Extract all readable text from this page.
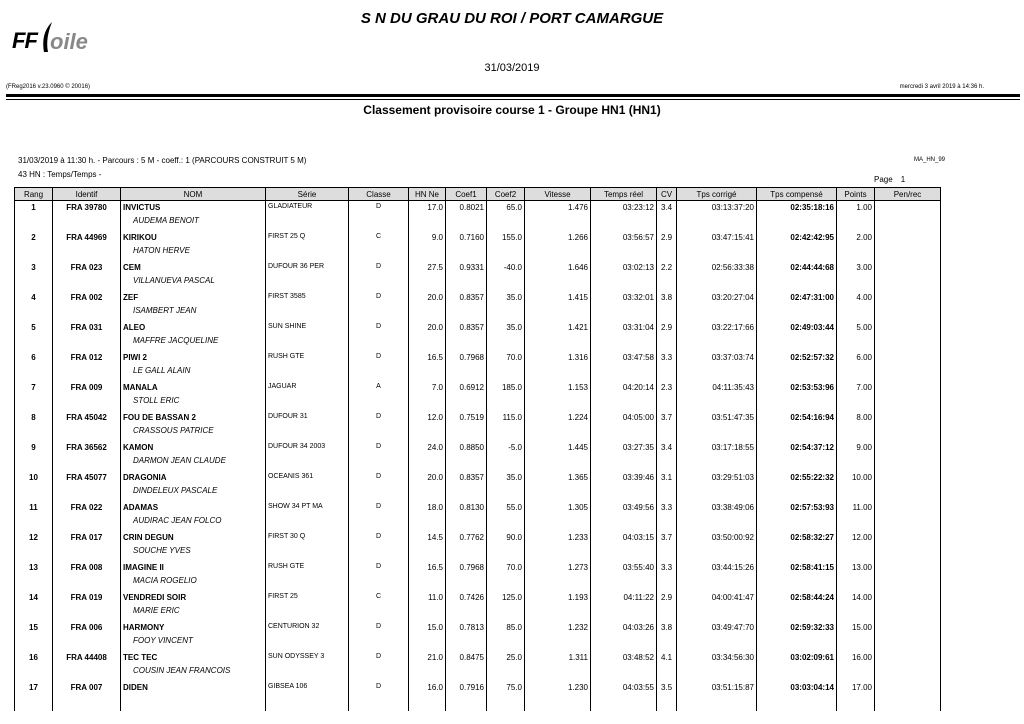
FF oile
S N DU GRAU DU ROI / PORT CAMARGUE
31/03/2019
(FReg2016 v.23.0960 © 20016)	mercredi 3 avril 2019 à 14:36 h.
Classement provisoire course 1 - Groupe HN1 (HN1)
31/03/2019 à 11:30 h. - Parcours : 5 M - coeff.: 1 (PARCOURS CONSTRUIT 5 M)	MA_HN_99
43 HN : Temps/Temps -
Page 1
Rang	Identif	NOM	Série	Classe	HN Ne	Coef1	Coef2	Vitesse	Temps réel	CV	Tps corrigé	Tps compensé	Points	Pen/rec
1	FRA 39780	INVICTUS	GLADIATEUR	D	17.0	0.8021	65.0	1.476	03:23:12	3.4	03:13:37:20	02:35:18:16	1.00	
		AUDEMA BENOIT												
2	FRA 44969	KIRIKOU	FIRST 25 Q	C	9.0	0.7160	155.0	1.266	03:56:57	2.9	03:47:15:41	02:42:42:95	2.00	
		HATON HERVE												
3	FRA 023	CEM	DUFOUR 36 PER	D	27.5	0.9331	-40.0	1.646	03:02:13	2.2	02:56:33:38	02:44:44:68	3.00	
		VILLANUEVA PASCAL												
4	FRA 002	ZEF	FIRST 3585	D	20.0	0.8357	35.0	1.415	03:32:01	3.8	03:20:27:04	02:47:31:00	4.00	
		ISAMBERT JEAN												
5	FRA 031	ALEO	SUN SHINE	D	20.0	0.8357	35.0	1.421	03:31:04	2.9	03:22:17:66	02:49:03:44	5.00	
		MAFFRE JACQUELINE												
6	FRA 012	PIWI 2	RUSH GTE	D	16.5	0.7968	70.0	1.316	03:47:58	3.3	03:37:03:74	02:52:57:32	6.00	
		LE GALL ALAIN												
7	FRA 009	MANALA	JAGUAR	A	7.0	0.6912	185.0	1.153	04:20:14	2.3	04:11:35:43	02:53:53:96	7.00	
		STOLL ERIC												
8	FRA 45042	FOU DE BASSAN 2	DUFOUR 31	D	12.0	0.7519	115.0	1.224	04:05:00	3.7	03:51:47:35	02:54:16:94	8.00	
		CRASSOUS PATRICE												
9	FRA 36562	KAMON	DUFOUR 34 2003	D	24.0	0.8850	-5.0	1.445	03:27:35	3.4	03:17:18:55	02:54:37:12	9.00	
		DARMON JEAN CLAUDE												
10	FRA 45077	DRAGONIA	OCEANIS 361	D	20.0	0.8357	35.0	1.365	03:39:46	3.1	03:29:51:03	02:55:22:32	10.00	
		DINDELEUX PASCALE												
11	FRA 022	ADAMAS	SHOW 34 PT MA	D	18.0	0.8130	55.0	1.305	03:49:56	3.3	03:38:49:06	02:57:53:93	11.00	
		AUDIRAC JEAN FOLCO												
12	FRA 017	CRIN DEGUN	FIRST 30 Q	D	14.5	0.7762	90.0	1.233	04:03:15	3.7	03:50:00:92	02:58:32:27	12.00	
		SOUCHE YVES												
13	FRA 008	IMAGINE II	RUSH GTE	D	16.5	0.7968	70.0	1.273	03:55:40	3.3	03:44:15:26	02:58:41:15	13.00	
		MACIA ROGELIO												
14	FRA 019	VENDREDI SOIR	FIRST 25	C	11.0	0.7426	125.0	1.193	04:11:22	2.9	04:00:41:47	02:58:44:24	14.00	
		MARIE ERIC												
15	FRA 006	HARMONY	CENTURION 32	D	15.0	0.7813	85.0	1.232	04:03:26	3.8	03:49:47:70	02:59:32:33	15.00	
		FOOY VINCENT												
16	FRA 44408	TEC TEC	SUN ODYSSEY 3	D	21.0	0.8475	25.0	1.311	03:48:52	4.1	03:34:56:30	03:02:09:61	16.00	
		COUSIN JEAN FRANCOIS												
17	FRA 007	DIDEN	GIBSEA 106	D	16.0	0.7916	75.0	1.230	04:03:55	3.5	03:51:15:87	03:03:04:14	17.00	
